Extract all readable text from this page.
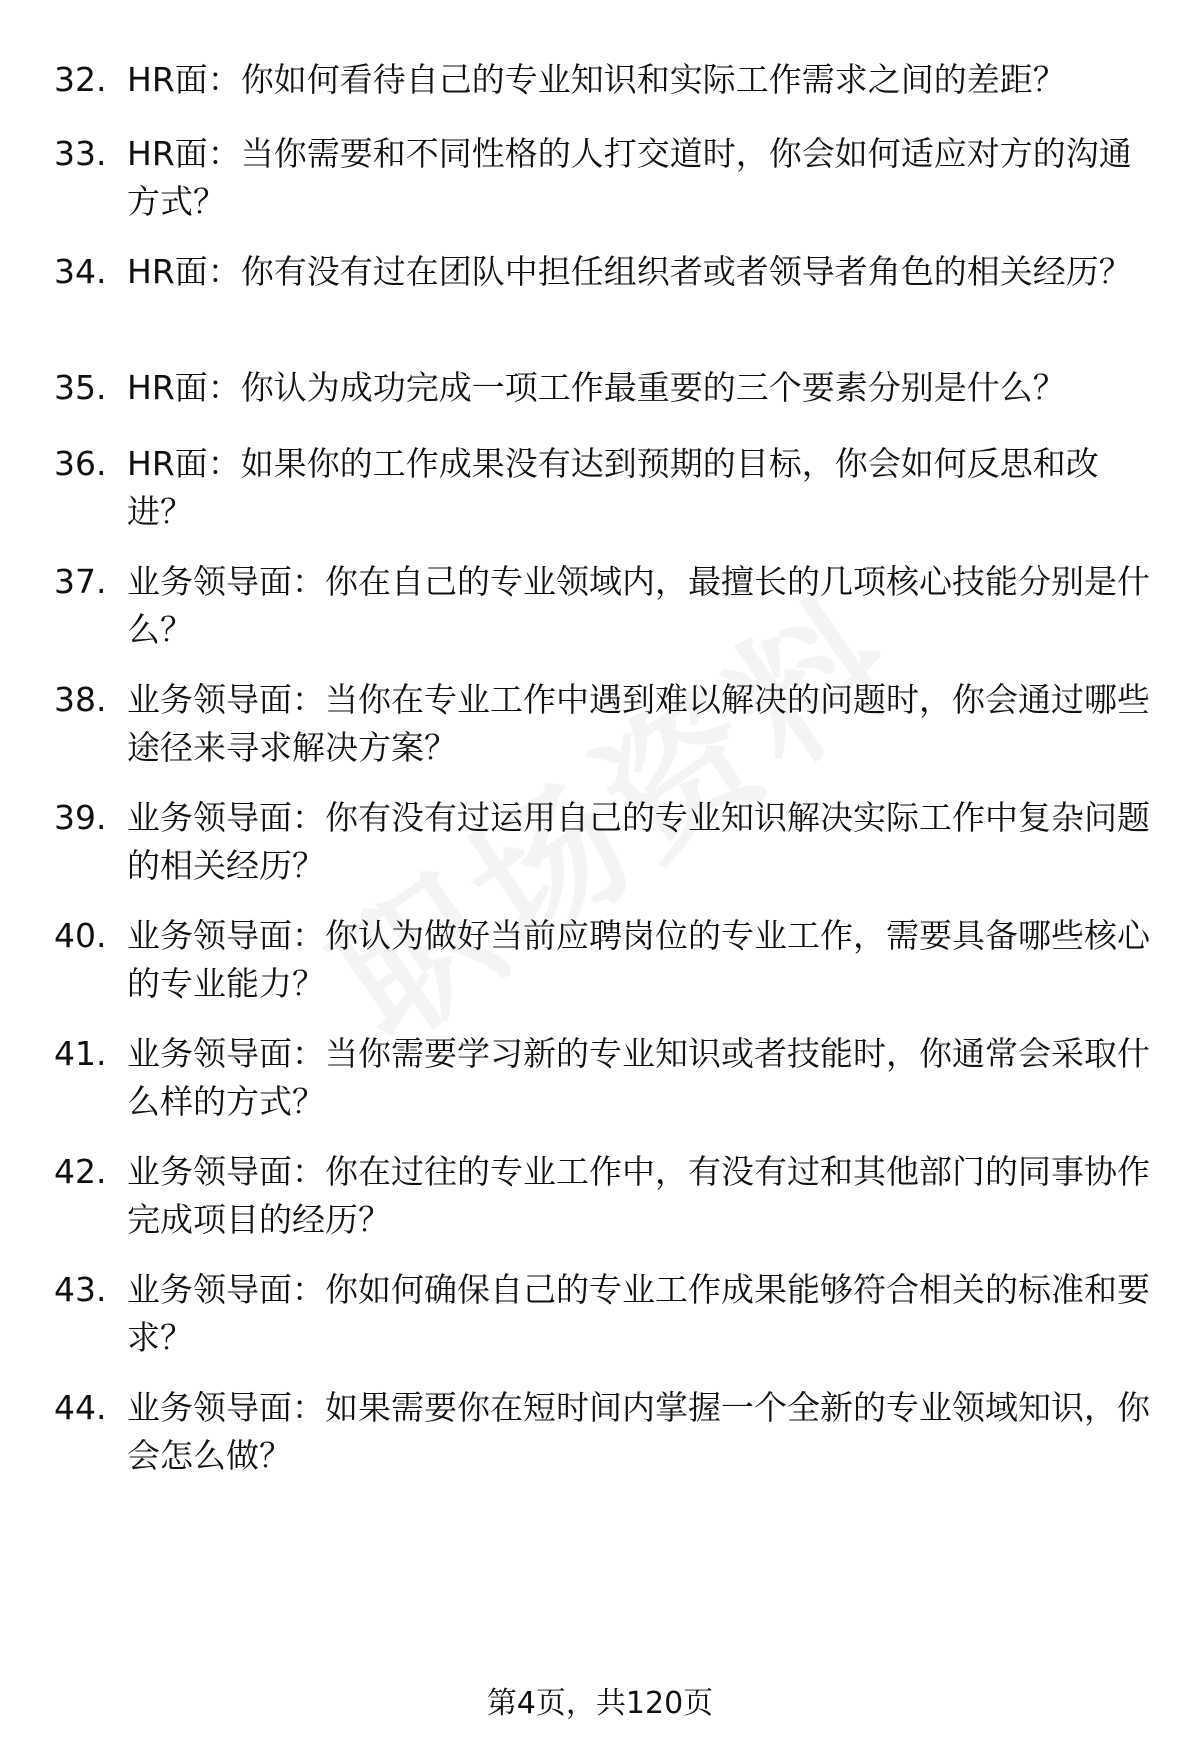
32. HR面：你如何看待自己的专业知识和实际工作需求之间的差距？
33. HR面：当你需要和不同性格的人打交道时，你会如何适应对方的沟通方式？
34. HR面：你有没有过在团队中担任组织者或者领导者角色的相关经历？
35. HR面：你认为成功完成一项工作最重要的三个要素分别是什么？
36. HR面：如果你的工作成果没有达到预期的目标，你会如何反思和改进？
37. 业务领导面：你在自己的专业领域内，最擅长的几项核心技能分别是什么？
38. 业务领导面：当你在专业工作中遇到难以解决的问题时，你会通过哪些途径来寻求解决方案？
39. 业务领导面：你有没有过运用自己的专业知识解决实际工作中复杂问题的相关经历？
40. 业务领导面：你认为做好当前应聘岗位的专业工作，需要具备哪些核心的专业能力？
41. 业务领导面：当你需要学习新的专业知识或者技能时，你通常会采取什么样的方式？
42. 业务领导面：你在过往的专业工作中，有没有过和其他部门的同事协作完成项目的经历？
43. 业务领导面：你如何确保自己的专业工作成果能够符合相关的标准和要求？
44. 业务领导面：如果需要你在短时间内掌握一个全新的专业领域知识，你会怎么做？
第4页，共120页
